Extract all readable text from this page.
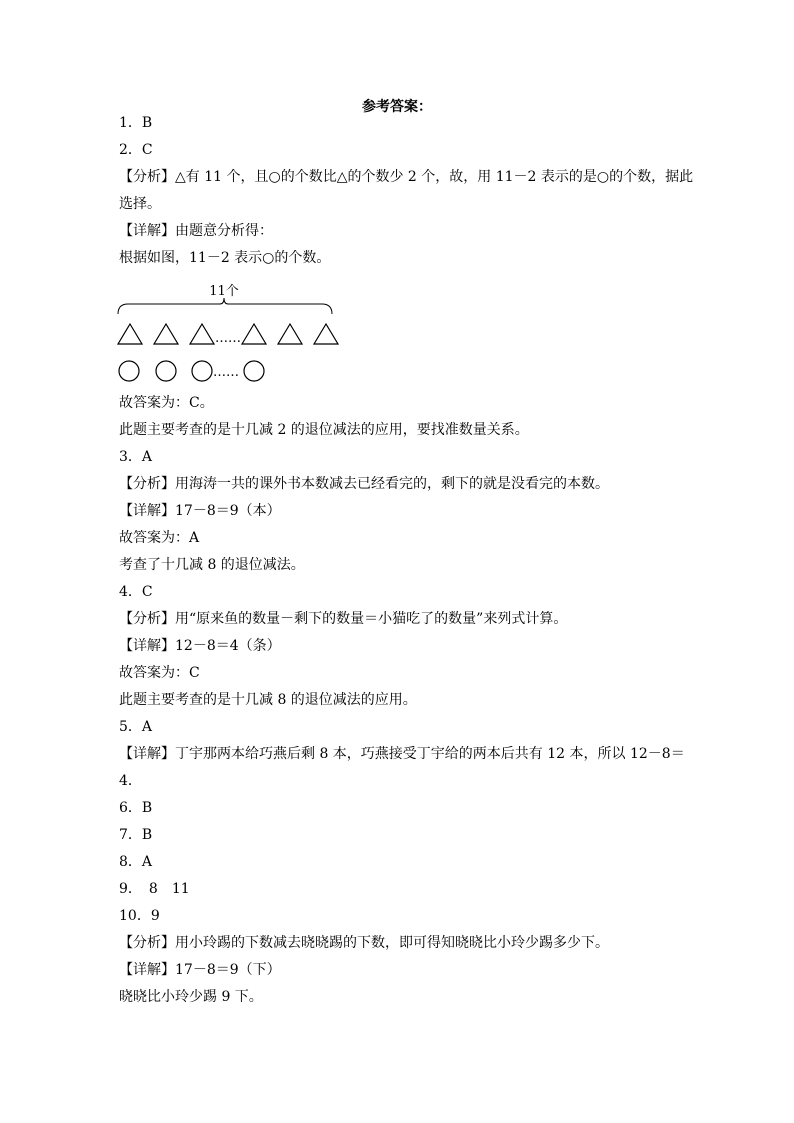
参考答案：
1．B
2．C
【分析】△有 11 个，且○的个数比△的个数少 2 个，故，用 11－2 表示的是○的个数，据此
选择。
【详解】由题意分析得：
根据如图，11－2 表示○的个数。
11个
……
……
故答案为：C。
此题主要考查的是十几减 2 的退位减法的应用，要找准数量关系。
3．A
【分析】用海涛一共的课外书本数减去已经看完的，剩下的就是没看完的本数。
【详解】17－8＝9（本）
故答案为：A
考查了十几减 8 的退位减法。
4．C
【分析】用“原来鱼的数量－剩下的数量＝小猫吃了的数量”来列式计算。
【详解】12－8＝4（条）
故答案为：C
此题主要考查的是十几减 8 的退位减法的应用。
5．A
【详解】丁宇那两本给巧燕后剩 8 本，巧燕接受丁宇给的两本后共有 12 本，所以 12－8＝
4．
6．B
7．B
8．A
9．　8　11
10．9
【分析】用小玲踢的下数减去晓晓踢的下数，即可得知晓晓比小玲少踢多少下。
【详解】17－8＝9（下）
晓晓比小玲少踢 9 下。
